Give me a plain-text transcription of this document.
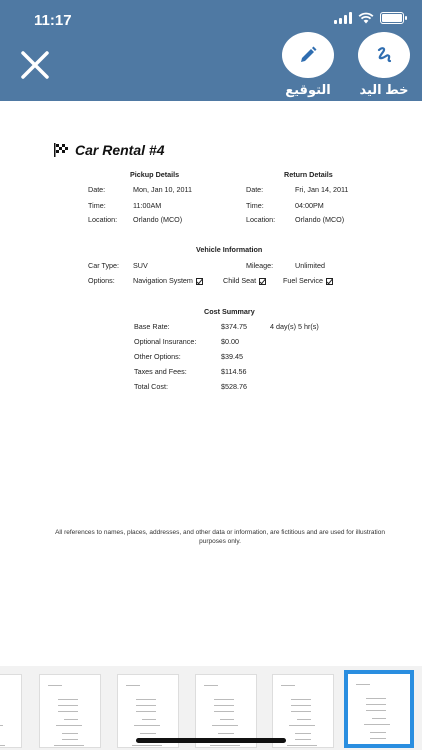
11:17
التوقيع	خط اليد
Car Rental #4
Pickup Details
Date:	Mon, Jan 10, 2011
Time:	11:00AM
Location: Orlando (MCO)
Return Details
Date:	Fri, Jan 14, 2011
Time:	04:00PM
Location:	Orlando (MCO)
Vehicle Information
Car Type: SUV	Mileage:	Unlimited
Options:	Navigation System	Child Seat	Fuel Service
Cost Summary
Base Rate:	$374.75	4 day(s) 5 hr(s)
Optional Insurance:	$0.00
Other Options:	$39.45
Taxes and Fees:	$114.56
Total Cost:	$528.76
All references to names, places, addresses, and other data or information, are fictitious and are used for illustration purposes only.
